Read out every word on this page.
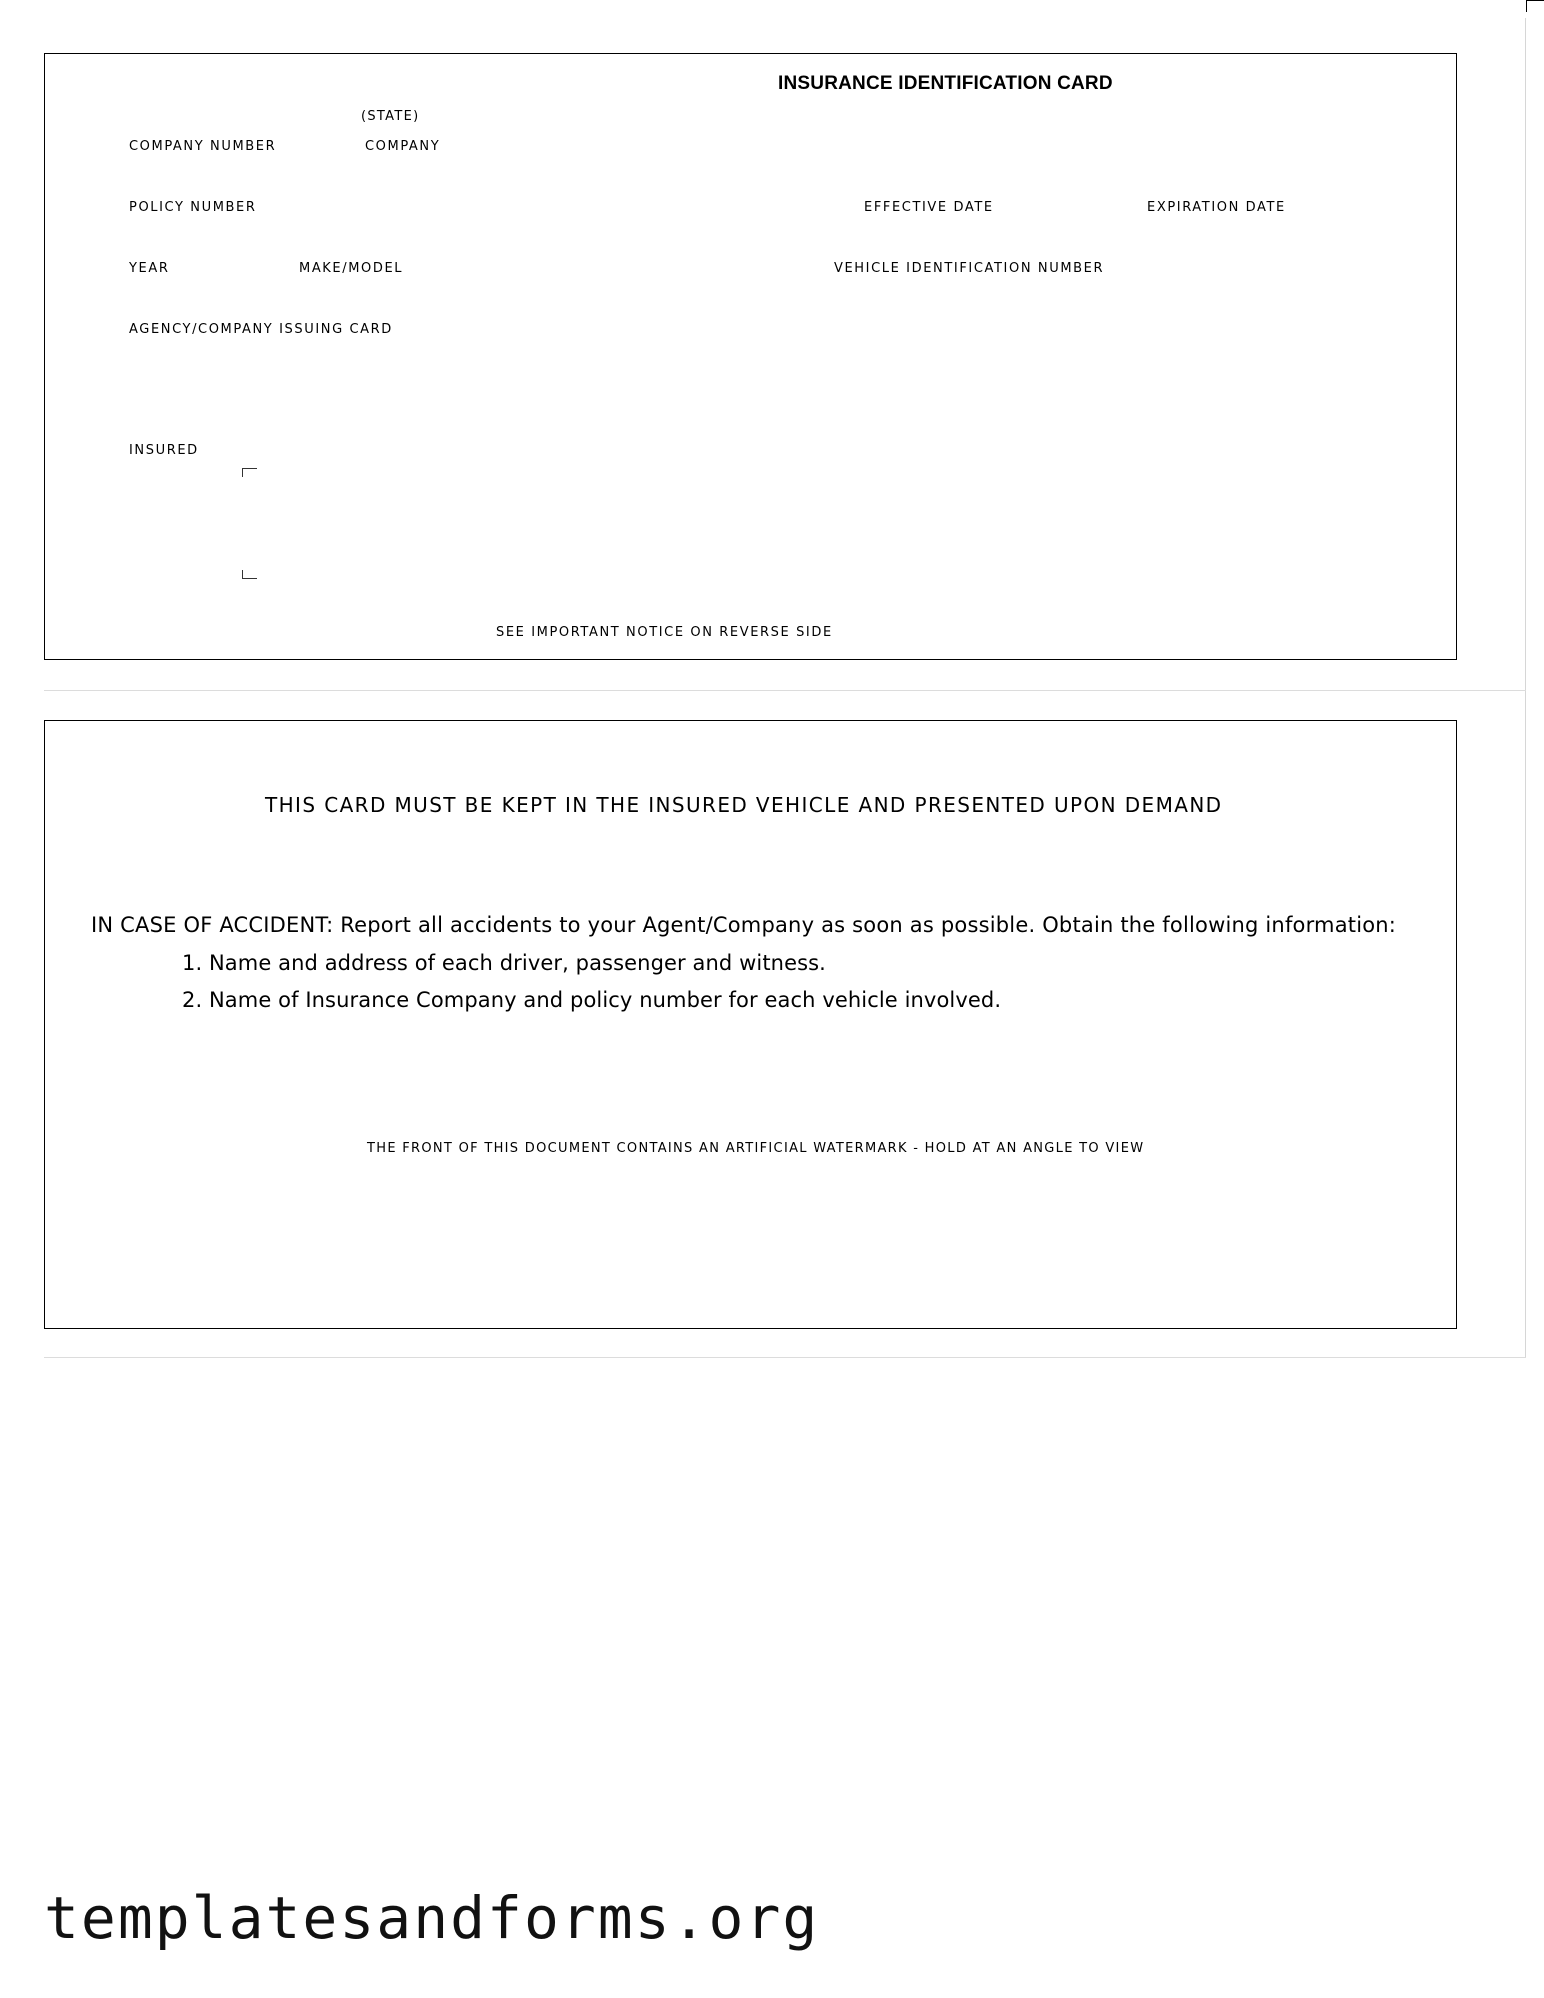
INSURANCE IDENTIFICATION CARD
(STATE)
COMPANY NUMBER	COMPANY
POLICY NUMBER	EFFECTIVE DATE	EXPIRATION DATE
YEAR	MAKE/MODEL	VEHICLE IDENTIFICATION NUMBER
AGENCY/COMPANY ISSUING CARD
INSURED
SEE IMPORTANT NOTICE ON REVERSE SIDE
THIS CARD MUST BE KEPT IN THE INSURED VEHICLE AND PRESENTED UPON DEMAND
IN CASE OF ACCIDENT: Report all accidents to your Agent/Company as soon as possible. Obtain the following information:
1. Name and address of each driver, passenger and witness.
2. Name of Insurance Company and policy number for each vehicle involved.
THE FRONT OF THIS DOCUMENT CONTAINS AN ARTIFICIAL WATERMARK - HOLD AT AN ANGLE TO VIEW
templatesandforms.org
